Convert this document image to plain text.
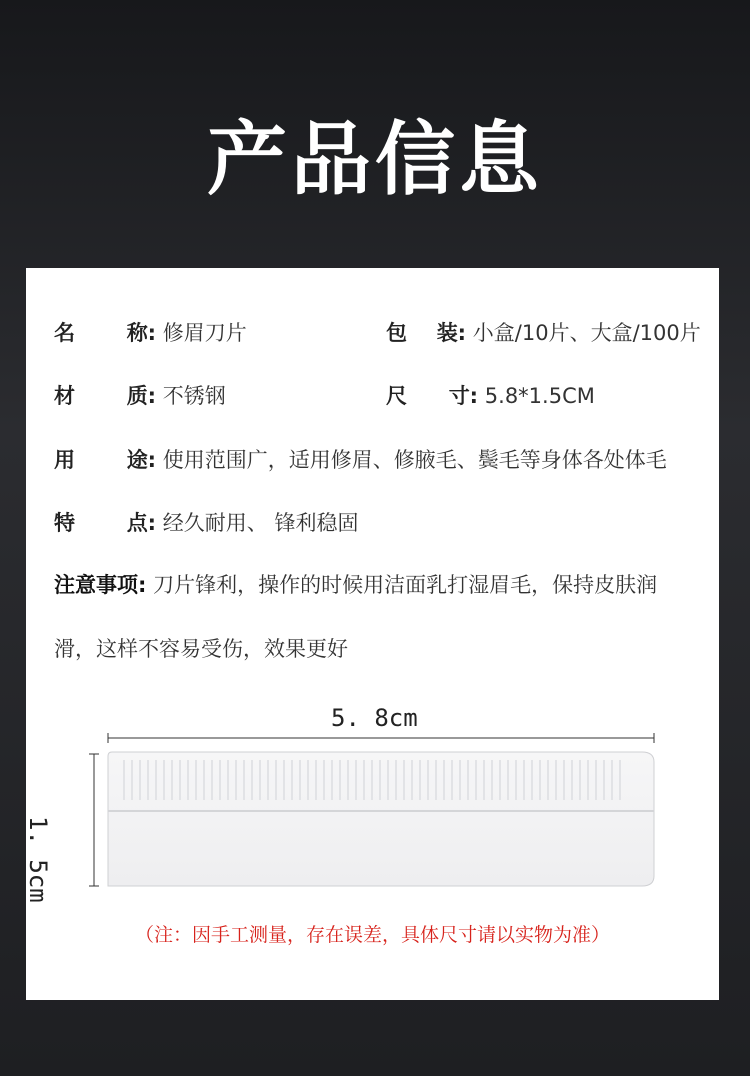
产品信息
名 称: 修眉刀片	包 装: 小盒/10片、大盒/100片
材 质: 不锈钢	尺 寸: 5.8*1.5CM
用 途: 使用范围广，适用修眉、修腋毛、鬓毛等身体各处体毛
特 点: 经久耐用、 锋利稳固
注意事项: 刀片锋利，操作的时候用洁面乳打湿眉毛，保持皮肤润
滑，这样不容易受伤，效果更好
5. 8cm
1. 5cm
（注：因手工测量，存在误差，具体尺寸请以实物为准）
